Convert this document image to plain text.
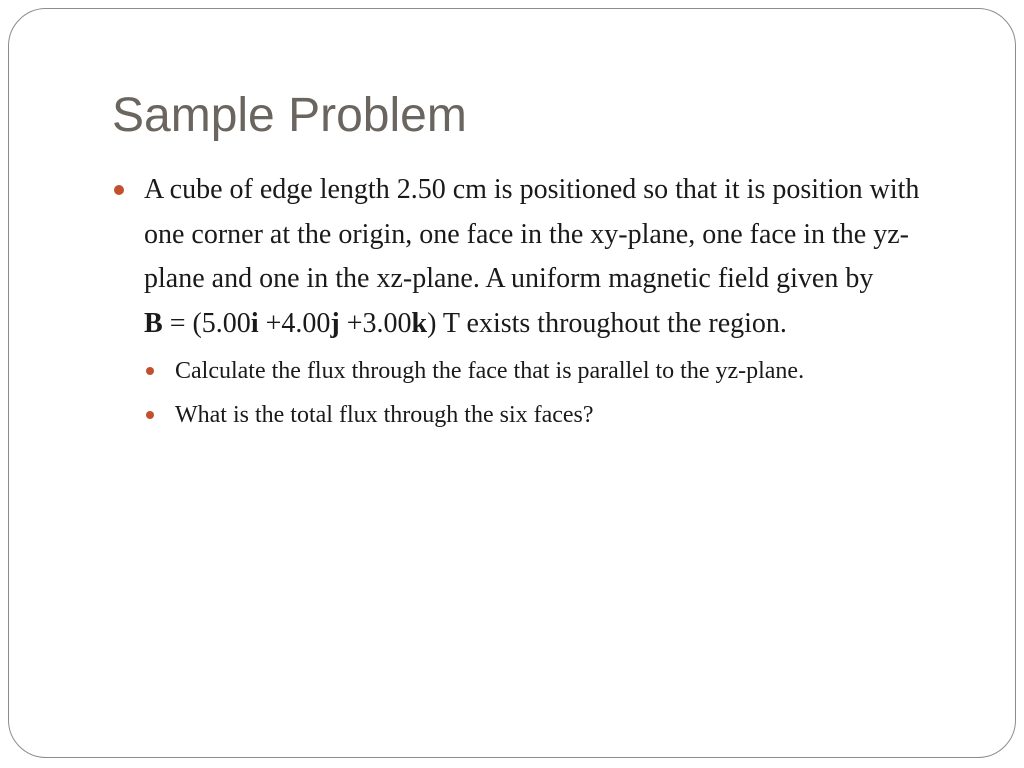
Sample Problem
A cube of edge length 2.50 cm is positioned so that it is position with one corner at the origin, one face in the xy-plane, one face in the yz-plane and one in the xz-plane. A uniform magnetic field given by B = (5.00i +4.00j +3.00k) T exists throughout the region.
Calculate the flux through the face that is parallel to the yz-plane.
What is the total flux through the six faces?
